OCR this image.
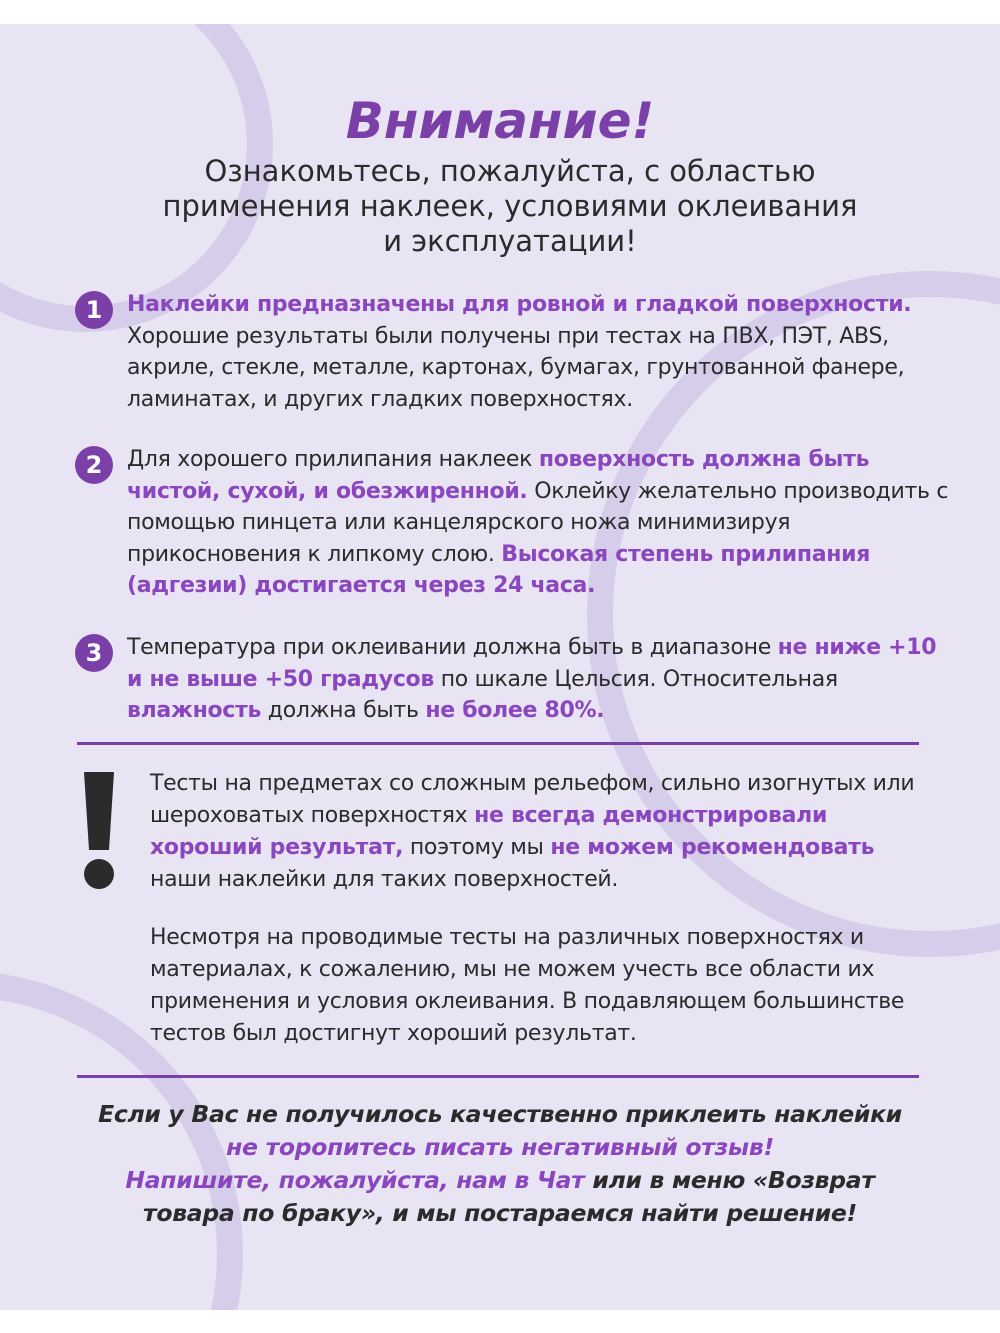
Внимание!
Ознакомьтесь, пожалуйста, с областью применения наклеек, условиями оклеивания и эксплуатации!
1	Наклейки предназначены для ровной и гладкой поверхности. Хорошие результаты были получены при тестах на ПВХ, ПЭТ, ABS, акриле, стекле, металле, картонах, бумагах, грунтованной фанере, ламинатах, и других гладких поверхностях.
2	Для хорошего прилипания наклеек поверхность должна быть чистой, сухой, и обезжиренной. Оклейку желательно производить с помощью пинцета или канцелярского ножа минимизируя прикосновения к липкому слою. Высокая степень прилипания (адгезии) достигается через 24 часа.
3	Температура при оклеивании должна быть в диапазоне не ниже +10 и не выше +50 градусов по шкале Цельсия. Относительная влажность должна быть не более 80%.
Тесты на предметах со сложным рельефом, сильно изогнутых или шероховатых поверхностях не всегда демонстрировали хороший результат, поэтому мы не можем рекомендовать наши наклейки для таких поверхностей.
Несмотря на проводимые тесты на различных поверхностях и материалах, к сожалению, мы не можем учесть все области их применения и условия оклеивания. В подавляющем большинстве тестов был достигнут хороший результат.
Если у Вас не получилось качественно приклеить наклейки
не торопитесь писать негативный отзыв!
Напишите, пожалуйста, нам в Чат или в меню «Возврат товара по браку», и мы постараемся найти решение!
